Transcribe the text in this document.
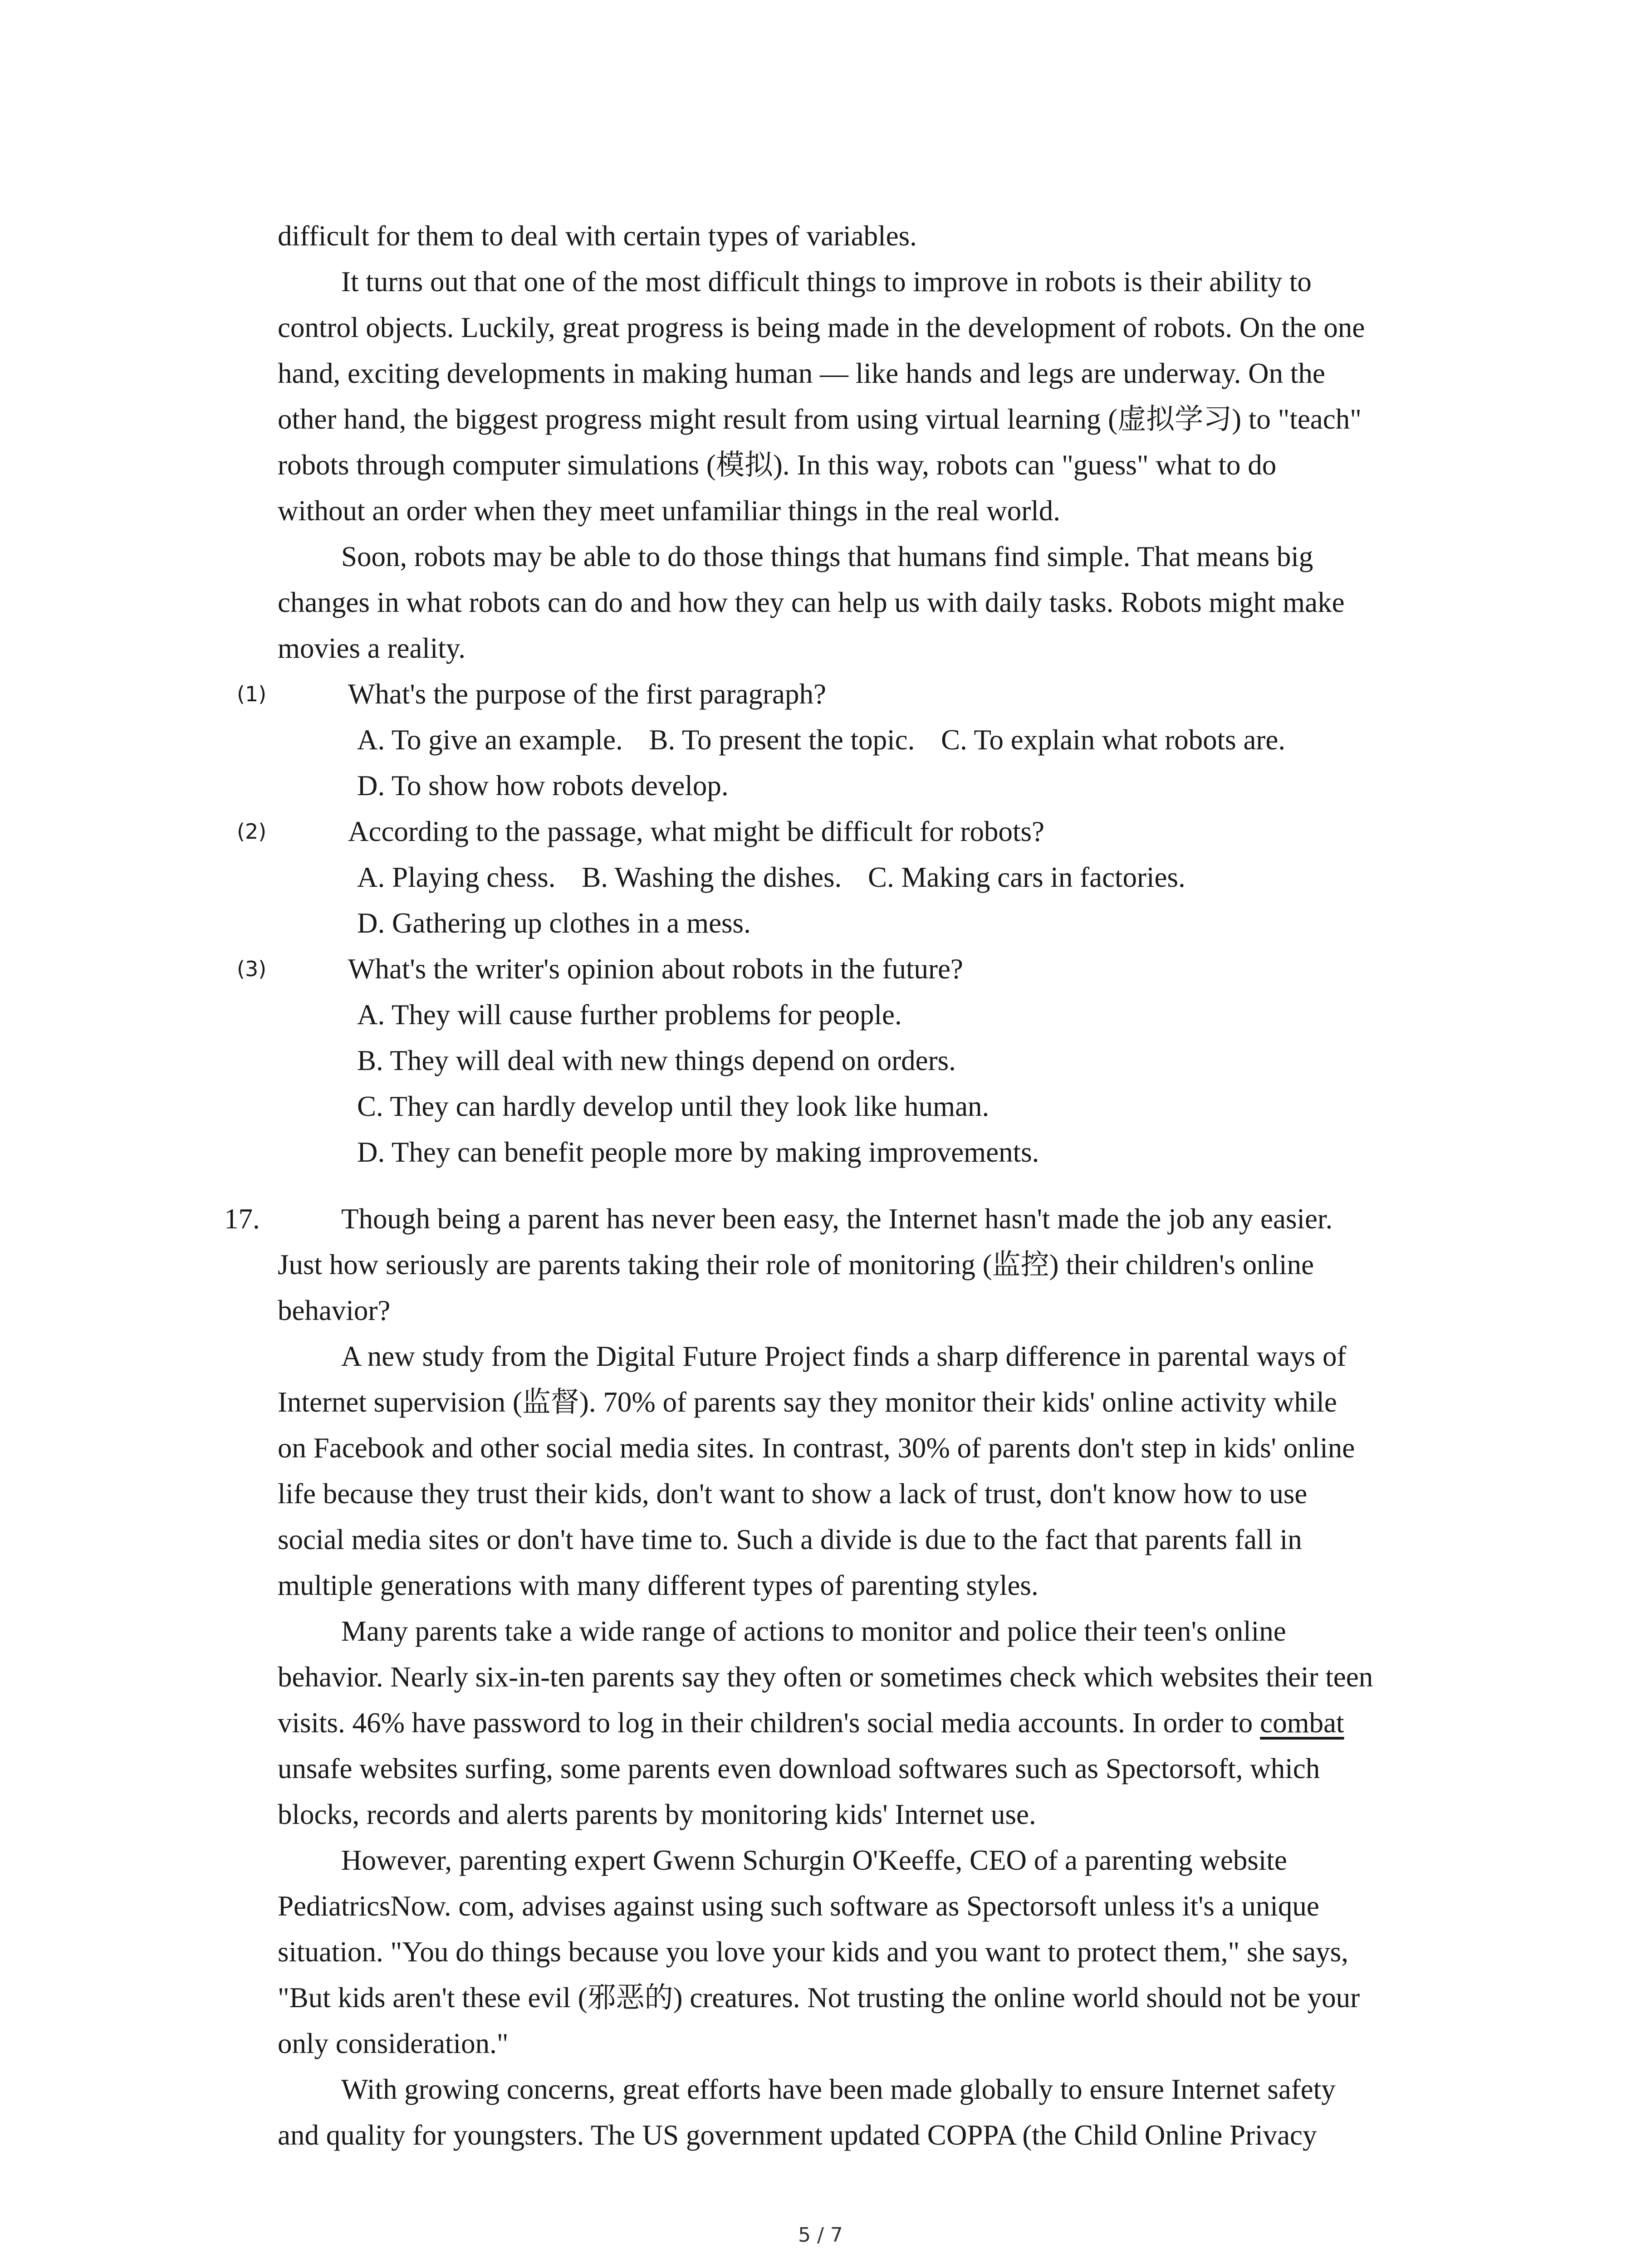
difficult for them to deal with certain types of variables.
It turns out that one of the most difficult things to improve in robots is their ability to
control objects. Luckily, great progress is being made in the development of robots. On the one
hand, exciting developments in making human — like hands and legs are underway. On the
other hand, the biggest progress might result from using virtual learning (虚拟学习) to "teach"
robots through computer simulations (模拟). In this way, robots can "guess" what to do
without an order when they meet unfamiliar things in the real world.
Soon, robots may be able to do those things that humans find simple. That means big
changes in what robots can do and how they can help us with daily tasks. Robots might make
movies a reality.
(1)	What's the purpose of the first paragraph?
A. To give an example. B. To present the topic. C. To explain what robots are.
D. To show how robots develop.
(2)	According to the passage, what might be difficult for robots?
A. Playing chess. B. Washing the dishes. C. Making cars in factories.
D. Gathering up clothes in a mess.
(3)	What's the writer's opinion about robots in the future?
A. They will cause further problems for people.
B. They will deal with new things depend on orders.
C. They can hardly develop until they look like human.
D. They can benefit people more by making improvements.
17.	Though being a parent has never been easy, the Internet hasn't made the job any easier.
Just how seriously are parents taking their role of monitoring (监控) their children's online
behavior?
A new study from the Digital Future Project finds a sharp difference in parental ways of
Internet supervision (监督). 70% of parents say they monitor their kids' online activity while
on Facebook and other social media sites. In contrast, 30% of parents don't step in kids' online
life because they trust their kids, don't want to show a lack of trust, don't know how to use
social media sites or don't have time to. Such a divide is due to the fact that parents fall in
multiple generations with many different types of parenting styles.
Many parents take a wide range of actions to monitor and police their teen's online
behavior. Nearly six-in-ten parents say they often or sometimes check which websites their teen
visits. 46% have password to log in their children's social media accounts. In order to combat
unsafe websites surfing, some parents even download softwares such as Spectorsoft, which
blocks, records and alerts parents by monitoring kids' Internet use.
However, parenting expert Gwenn Schurgin O'Keeffe, CEO of a parenting website
PediatricsNow. com, advises against using such software as Spectorsoft unless it's a unique
situation. "You do things because you love your kids and you want to protect them," she says,
"But kids aren't these evil (邪恶的) creatures. Not trusting the online world should not be your
only consideration."
With growing concerns, great efforts have been made globally to ensure Internet safety
and quality for youngsters. The US government updated COPPA (the Child Online Privacy
5 / 7
